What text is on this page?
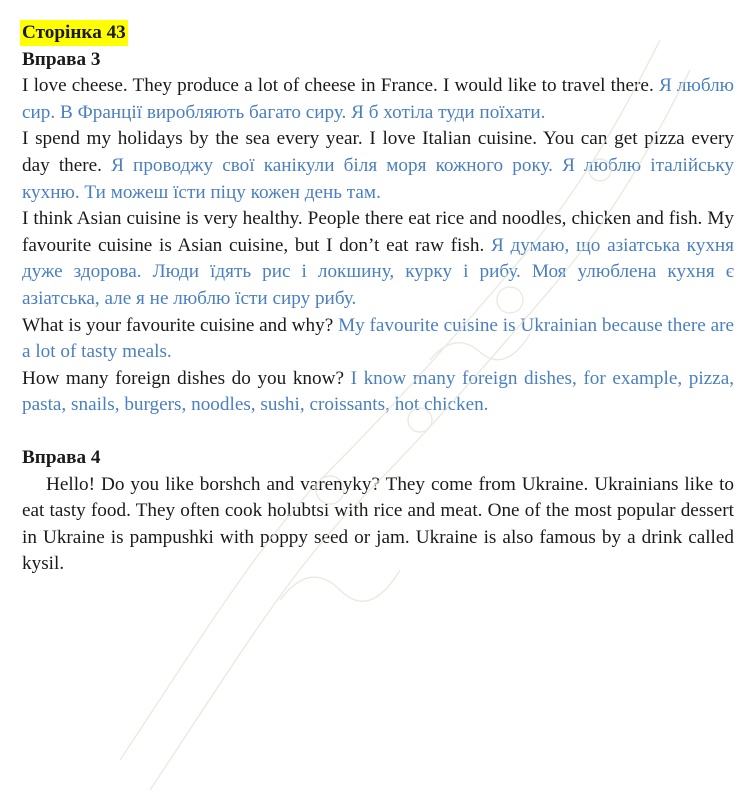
Сторінка 43
Вправа 3

I love cheese. They produce a lot of cheese in France. I would like to travel there. Я люблю сир. В Франції виробляють багато сиру. Я б хотіла туди поїхати.

I spend my holidays by the sea every year. I love Italian cuisine. You can get pizza every day there. Я проводжу свої канікули біля моря кожного року. Я люблю італійську кухню. Ти можеш їсти піцу кожен день там.

I think Asian cuisine is very healthy. People there eat rice and noodles, chicken and fish. My favourite cuisine is Asian cuisine, but I don’t eat raw fish. Я думаю, що азіатська кухня дуже здорова. Люди їдять рис і локшину, курку і рибу. Моя улюблена кухня є азіатська, але я не люблю їсти сиру рибу.

What is your favourite cuisine and why? My favourite cuisine is Ukrainian because there are a lot of tasty meals.

How many foreign dishes do you know? I know many foreign dishes, for example, pizza, pasta, snails, burgers, noodles, sushi, croissants, hot chicken.

Вправа 4

Hello! Do you like borshch and varenyky? They come from Ukraine. Ukrainians like to eat tasty food. They often cook holubtsi with rice and meat. One of the most popular dessert in Ukraine is pampushki with poppy seed or jam. Ukraine is also famous by a drink called kysil.
